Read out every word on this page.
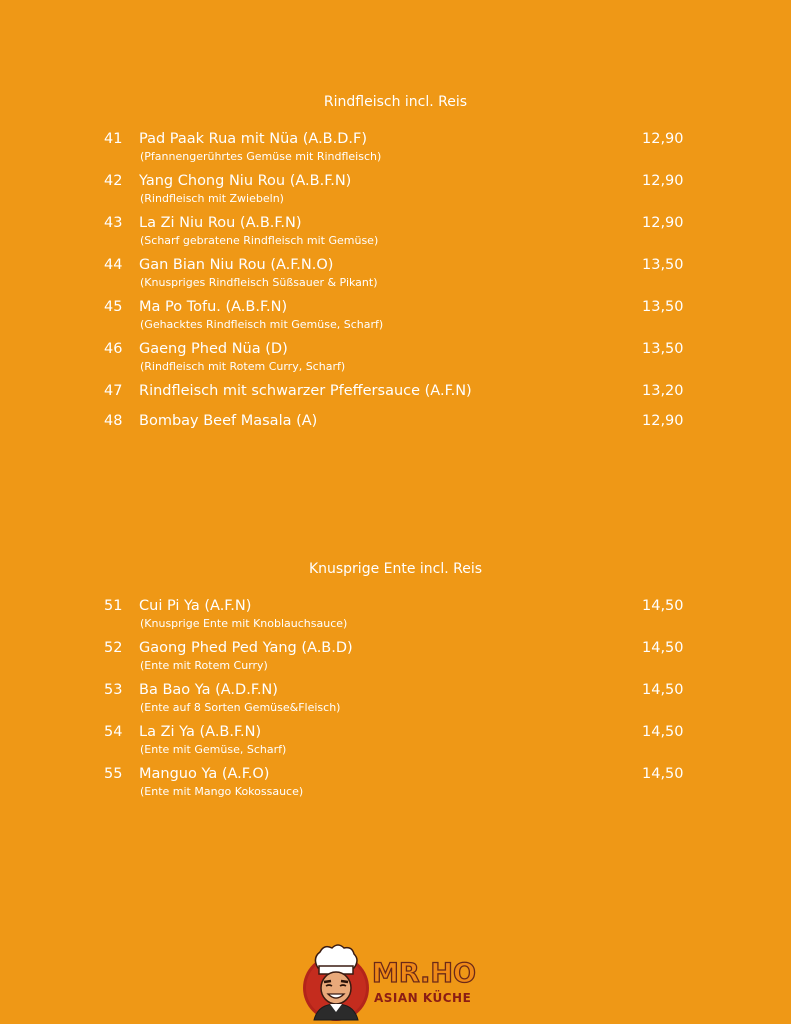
Rindfleisch incl. Reis
41 Pad Paak Rua mit Nüa (A.B.D.F)
(Pfannengerührtes Gemüse mit Rindfleisch)
12,90
42 Yang Chong Niu Rou (A.B.F.N)
(Rindfleisch mit Zwiebeln)
12,90
43 La Zi Niu Rou (A.B.F.N)
(Scharf gebratene Rindfleisch mit Gemüse)
12,90
44 Gan Bian Niu Rou (A.F.N.O)
(Knuspriges Rindfleisch Süßsauer & Pikant)
13,50
45 Ma Po Tofu. (A.B.F.N)
(Gehacktes Rindfleisch mit Gemüse, Scharf)
13,50
46 Gaeng Phed Nüa (D)
(Rindfleisch mit Rotem Curry, Scharf)
13,50
47 Rindfleisch mit schwarzer Pfeffersauce (A.F.N)	13,20
48 Bombay Beef Masala (A)	12,90
Knusprige Ente incl. Reis
51 Cui Pi Ya (A.F.N)
(Knusprige Ente mit Knoblauchsauce)
14,50
52 Gaong Phed Ped Yang (A.B.D)
(Ente mit Rotem Curry)
14,50
53 Ba Bao Ya (A.D.F.N)
(Ente auf 8 Sorten Gemüse&Fleisch)
14,50
54 La Zi Ya (A.B.F.N)
(Ente mit Gemüse, Scharf)
14,50
55 Manguo Ya (A.F.O)
(Ente mit Mango Kokossauce)
14,50
MR.HO
ASIAN KÜCHE
